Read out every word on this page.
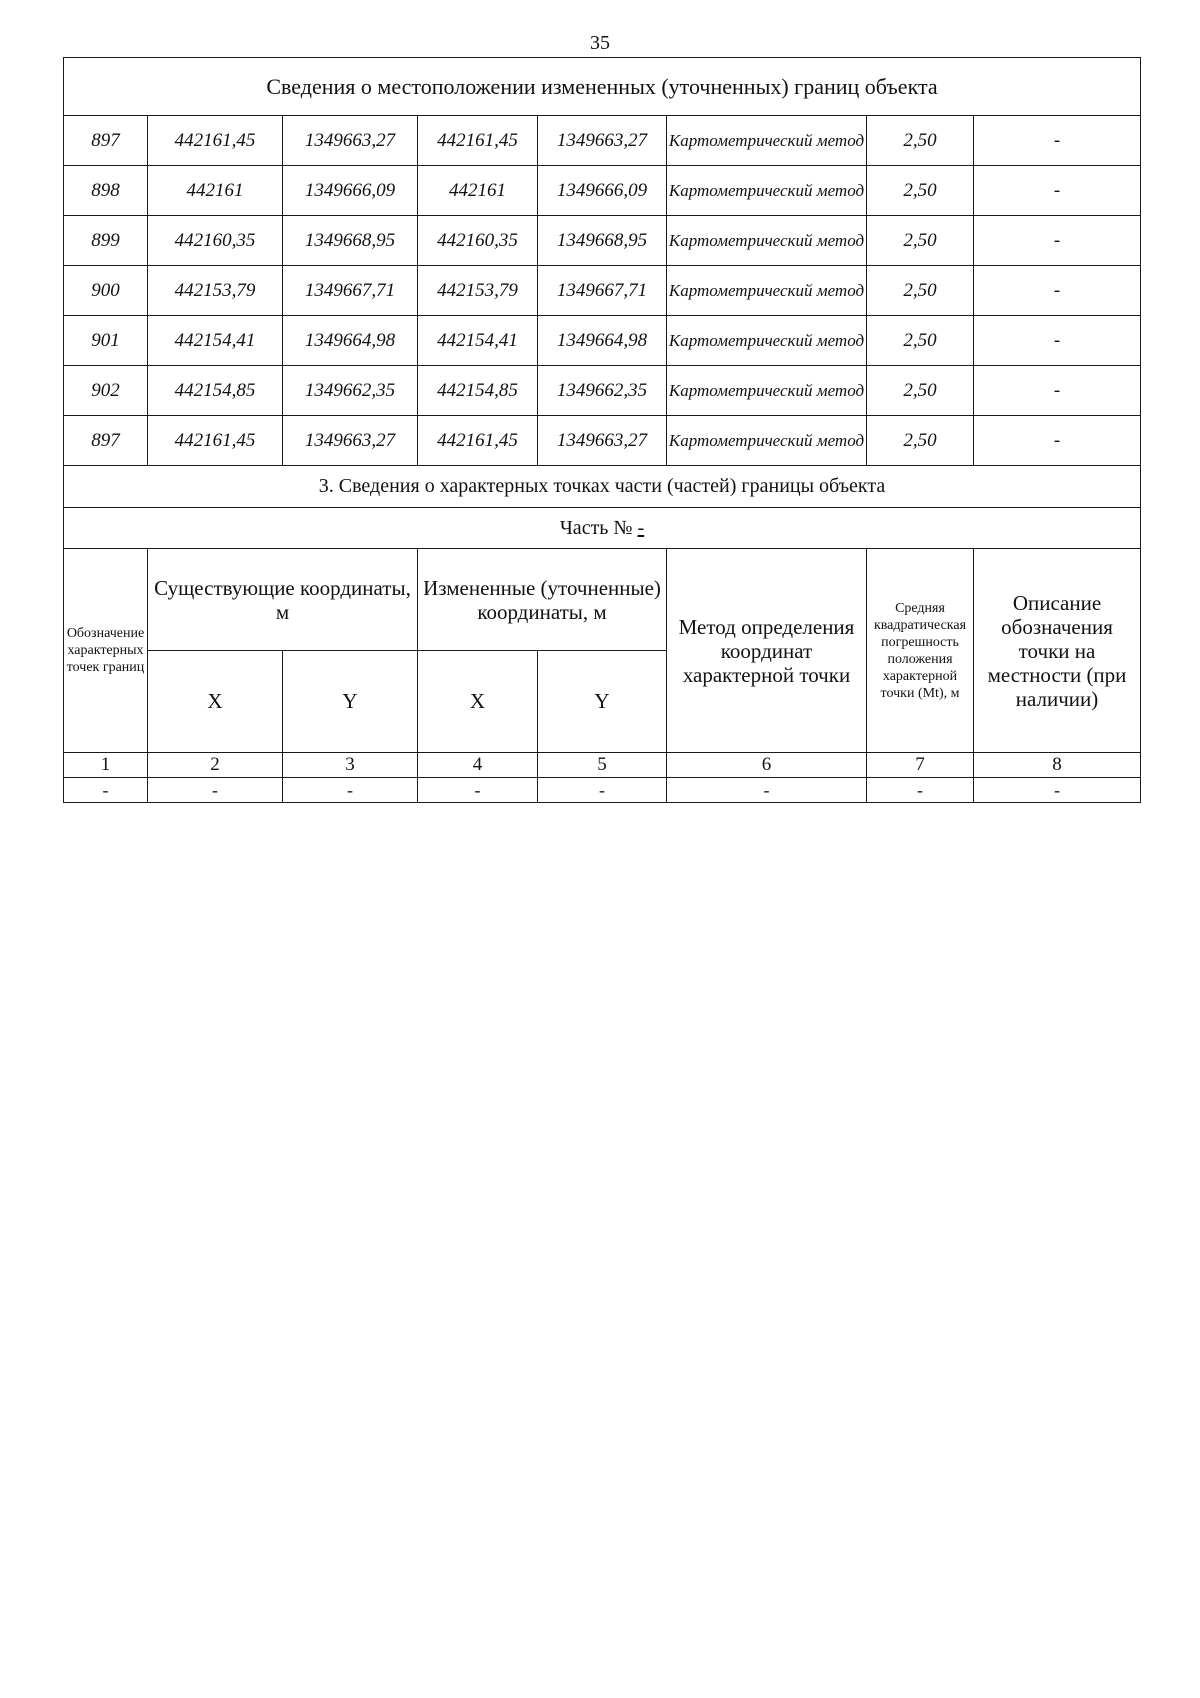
35
Сведения о местоположении измененных (уточненных) границ объекта							
897	442161,45	1349663,27	442161,45	1349663,27	Картометрический метод	2,50	-
898	442161	1349666,09	442161	1349666,09	Картометрический метод	2,50	-
899	442160,35	1349668,95	442160,35	1349668,95	Картометрический метод	2,50	-
900	442153,79	1349667,71	442153,79	1349667,71	Картометрический метод	2,50	-
901	442154,41	1349664,98	442154,41	1349664,98	Картометрический метод	2,50	-
902	442154,85	1349662,35	442154,85	1349662,35	Картометрический метод	2,50	-
897	442161,45	1349663,27	442161,45	1349663,27	Картометрический метод	2,50	-
3. Сведения о характерных точках части (частей) границы объекта							
Часть № -							
Обозначение характерных точек границ	Существующие координаты, м		Измененные (уточненные) координаты, м		Метод определения координат характерной точки	Средняя квадратическая погрешность положения характерной точки (Mt), м	Описание обозначения точки на местности (при наличии)
	X	Y	X	Y			
1	2	3	4	5	6	7	8
-	-	-	-	-	-	-	-
